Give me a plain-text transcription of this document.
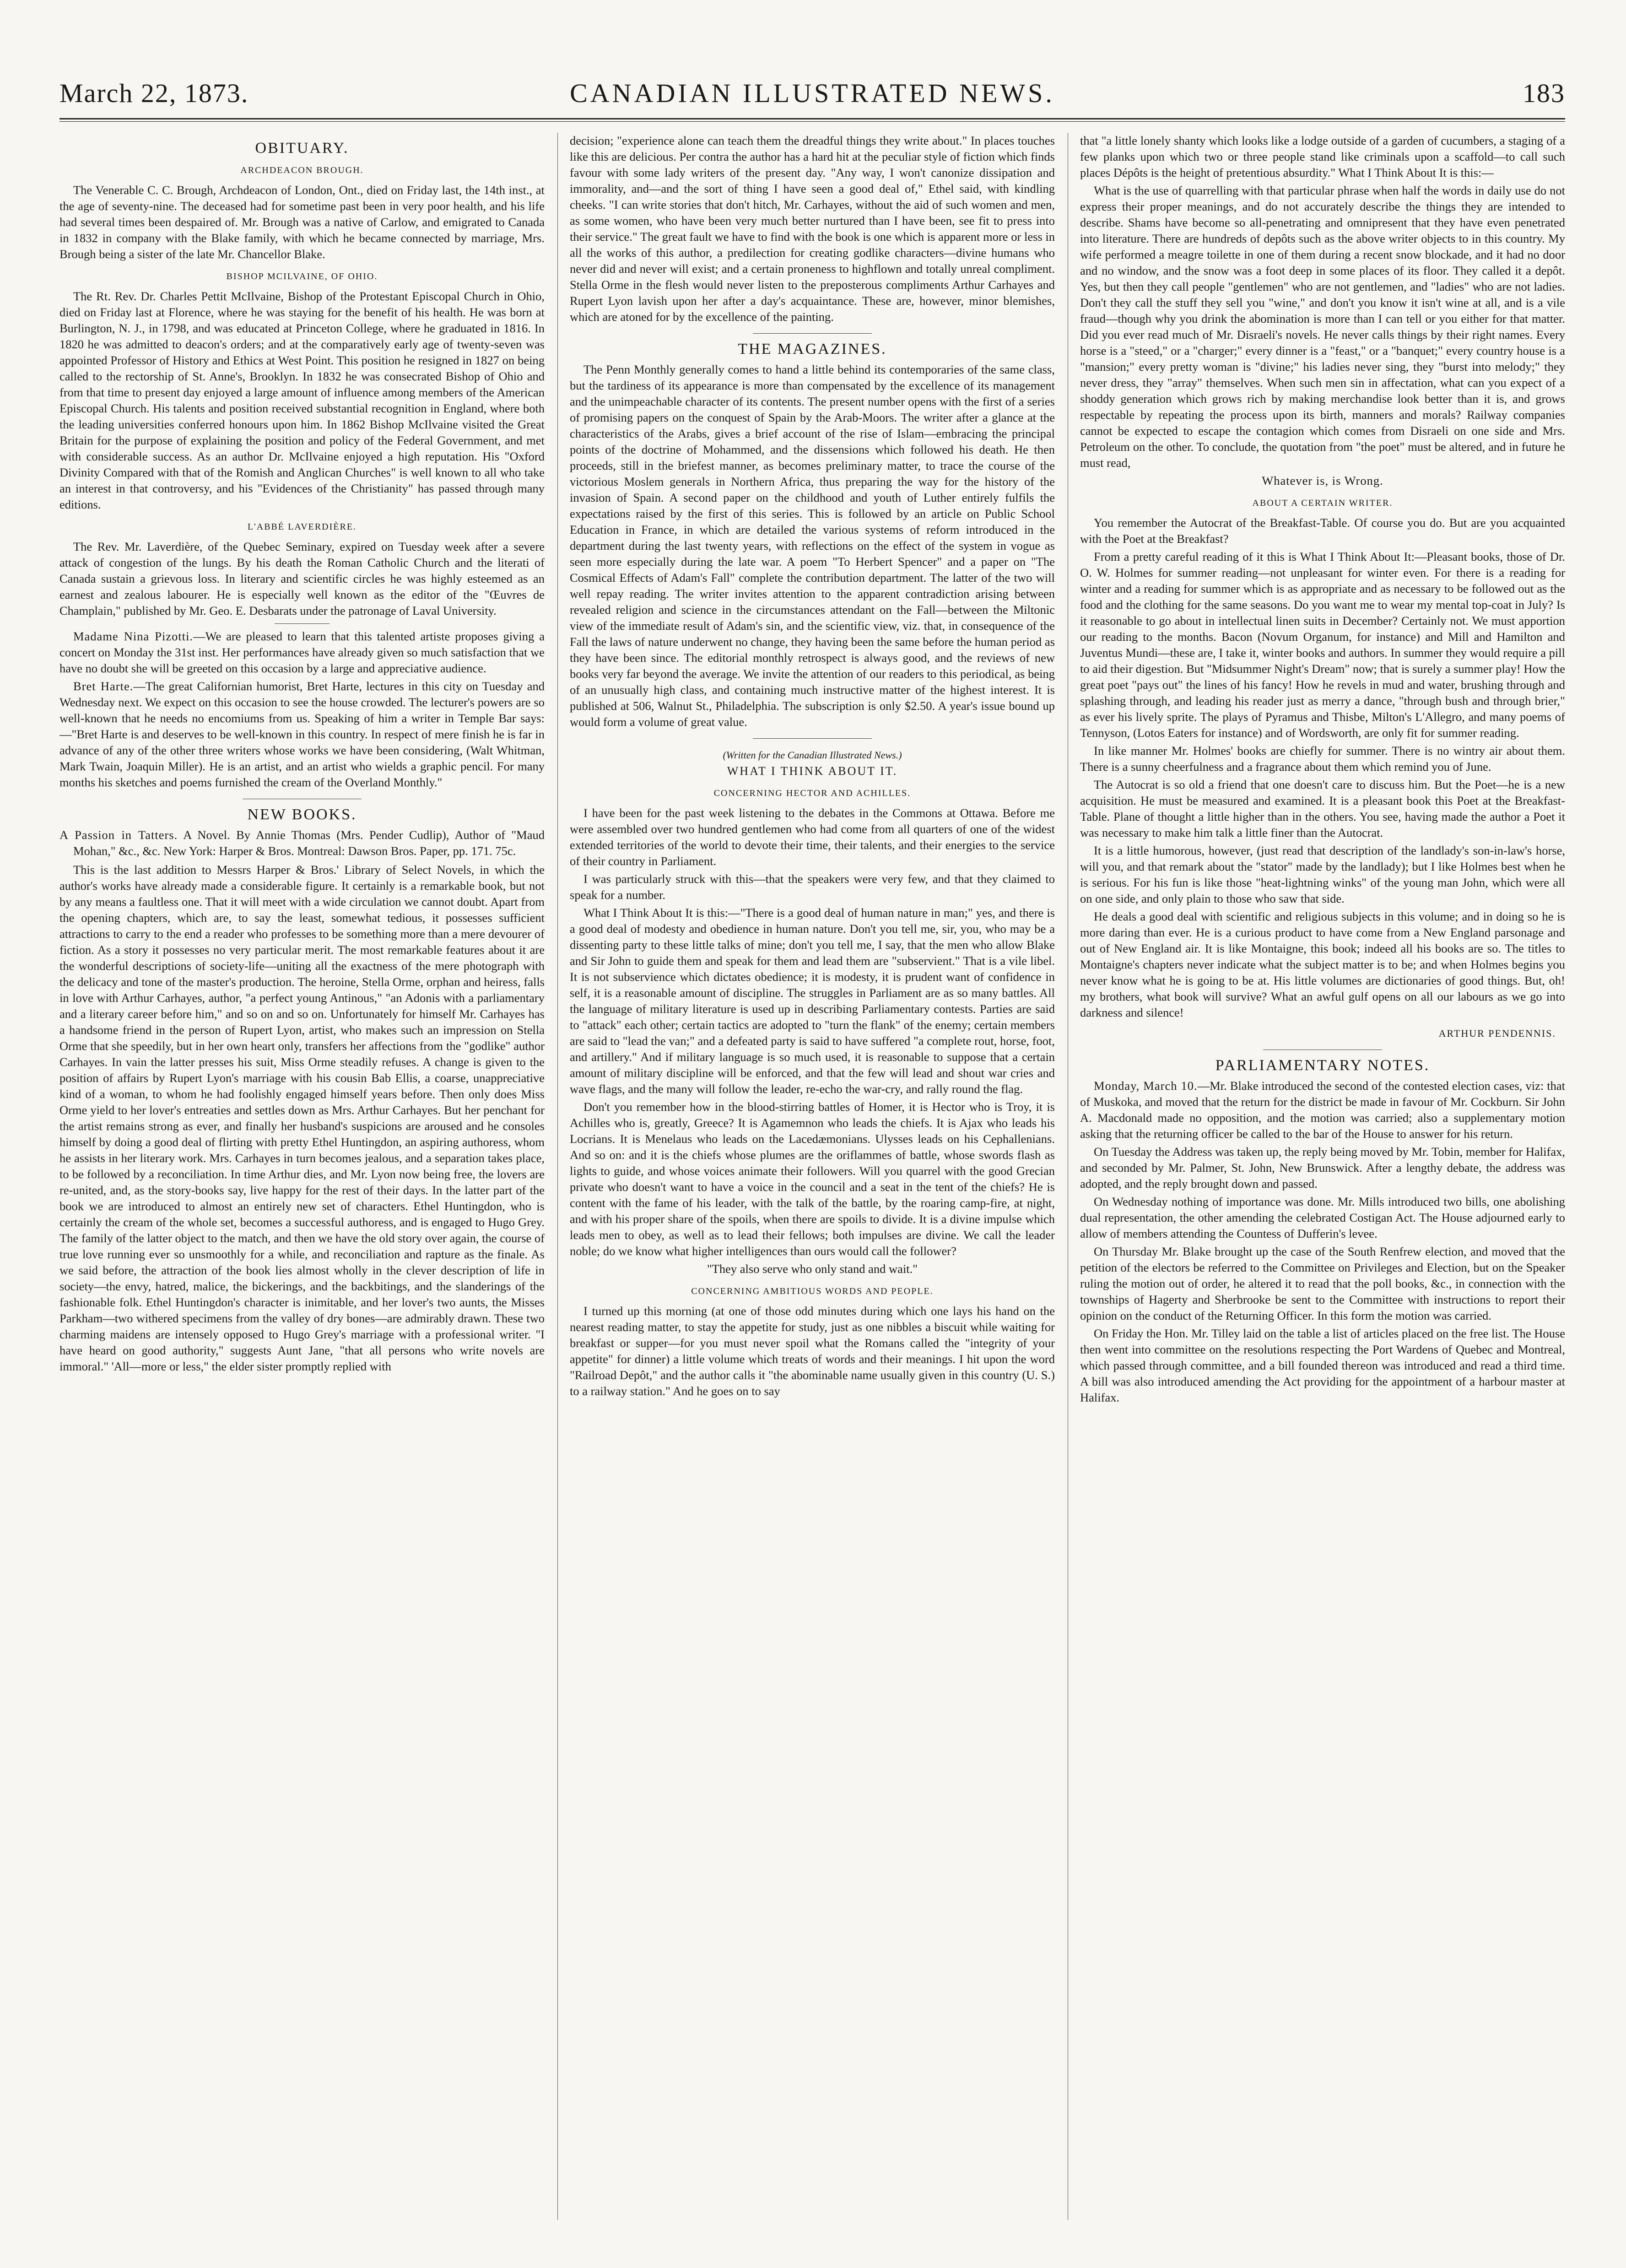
March 22, 1873.	CANADIAN ILLUSTRATED NEWS.	183
OBITUARY.
ARCHDEACON BROUGH.

The Venerable C. C. Brough, Archdeacon of London, Ont., died on Friday last, the 14th inst., at the age of seventy-nine. The deceased had for sometime past been in very poor health, and his life had several times been despaired of. Mr. Brough was a native of Carlow, and emigrated to Canada in 1832 in company with the Blake family, with which he became connected by marriage, Mrs. Brough being a sister of the late Mr. Chancellor Blake.

BISHOP MCILVAINE, OF OHIO.

The Rt. Rev. Dr. Charles Pettit McIlvaine, Bishop of the Protestant Episcopal Church in Ohio, died on Friday last at Florence, where he was staying for the benefit of his health. He was born at Burlington, N. J., in 1798, and was educated at Princeton College, where he graduated in 1816. In 1820 he was admitted to deacon's orders; and at the comparatively early age of twenty-seven was appointed Professor of History and Ethics at West Point. This position he resigned in 1827 on being called to the rectorship of St. Anne's, Brooklyn. In 1832 he was consecrated Bishop of Ohio and from that time to present day enjoyed a large amount of influence among members of the American Episcopal Church. His talents and position received substantial recognition in England, where both the leading universities conferred honours upon him. In 1862 Bishop McIlvaine visited the Great Britain for the purpose of explaining the position and policy of the Federal Government, and met with considerable success. As an author Dr. McIlvaine enjoyed a high reputation. His "Oxford Divinity Compared with that of the Romish and Anglican Churches" is well known to all who take an interest in that controversy, and his "Evidences of the Christianity" has passed through many editions.

L'ABBÉ LAVERDIÈRE.

The Rev. Mr. Laverdière, of the Quebec Seminary, expired on Tuesday week after a severe attack of congestion of the lungs. By his death the Roman Catholic Church and the literati of Canada sustain a grievous loss. In literary and scientific circles he was highly esteemed as an earnest and zealous labourer. He is especially well known as the editor of the "Œuvres de Champlain," published by Mr. Geo. E. Desbarats under the patronage of Laval University.

Madame Nina Pizotti.—We are pleased to learn that this talented artiste proposes giving a concert on Monday the 31st inst. Her performances have already given so much satisfaction that we have no doubt she will be greeted on this occasion by a large and appreciative audience.

Bret Harte.—The great Californian humorist, Bret Harte, lectures in this city on Tuesday and Wednesday next. We expect on this occasion to see the house crowded. The lecturer's powers are so well-known that he needs no encomiums from us. Speaking of him a writer in Temple Bar says:—"Bret Harte is and deserves to be well-known in this country. In respect of mere finish he is far in advance of any of the other three writers whose works we have been considering, (Walt Whitman, Mark Twain, Joaquin Miller). He is an artist, and an artist who wields a graphic pencil. For many months his sketches and poems furnished the cream of the Overland Monthly."

NEW BOOKS.

A Passion in Tatters. A Novel. By Annie Thomas (Mrs. Pender Cudlip), Author of "Maud Mohan," &c., &c. New York: Harper & Bros. Montreal: Dawson Bros. Paper, pp. 171. 75c.

This is the last addition to Messrs Harper & Bros.' Library of Select Novels, in which the author's works have already made a considerable figure. It certainly is a remarkable book, but not by any means a faultless one. That it will meet with a wide circulation we cannot doubt. Apart from the opening chapters, which are, to say the least, somewhat tedious, it possesses sufficient attractions to carry to the end a reader who professes to be something more than a mere devourer of fiction. As a story it possesses no very particular merit. The most remarkable features about it are the wonderful descriptions of society-life—uniting all the exactness of the mere photograph with the delicacy and tone of the master's production. The heroine, Stella Orme, orphan and heiress, falls in love with Arthur Carhayes, author, "a perfect young Antinous," "an Adonis with a parliamentary and a literary career before him," and so on and so on. Unfortunately for himself Mr. Carhayes has a handsome friend in the person of Rupert Lyon, artist, who makes such an impression on Stella Orme that she speedily, but in her own heart only, transfers her affections from the "godlike" author Carhayes. In vain the latter presses his suit, Miss Orme steadily refuses. A change is given to the position of affairs by Rupert Lyon's marriage with his cousin Bab Ellis, a coarse, unappreciative kind of a woman, to whom he had foolishly engaged himself years before. Then only does Miss Orme yield to her lover's entreaties and settles down as Mrs. Arthur Carhayes. But her penchant for the artist remains strong as ever, and finally her husband's suspicions are aroused and he consoles himself by doing a good deal of flirting with pretty Ethel Huntingdon, an aspiring authoress, whom he assists in her literary work. Mrs. Carhayes in turn becomes jealous, and a separation takes place, to be followed by a reconciliation. In time Arthur dies, and Mr. Lyon now being free, the lovers are re-united, and, as the story-books say, live happy for the rest of their days. In the latter part of the book we are introduced to almost an entirely new set of characters. Ethel Huntingdon, who is certainly the cream of the whole set, becomes a successful authoress, and is engaged to Hugo Grey. The family of the latter object to the match, and then we have the old story over again, the course of true love running ever so unsmoothly for a while, and reconciliation and rapture as the finale. As we said before, the attraction of the book lies almost wholly in the clever description of life in society—the envy, hatred, malice, the bickerings, and the backbitings, and the slanderings of the fashionable folk. Ethel Huntingdon's character is inimitable, and her lover's two aunts, the Misses Parkham—two withered specimens from the valley of dry bones—are admirably drawn. These two charming maidens are intensely opposed to Hugo Grey's marriage with a professional writer. "I have heard on good authority," suggests Aunt Jane, "that all persons who write novels are immoral." 'All—more or less," the elder sister promptly replied with

decision; "experience alone can teach them the dreadful things they write about." In places touches like this are delicious. Per contra the author has a hard hit at the peculiar style of fiction which finds favour with some lady writers of the present day. "Any way, I won't canonize dissipation and immorality, and—and the sort of thing I have seen a good deal of," Ethel said, with kindling cheeks. "I can write stories that don't hitch, Mr. Carhayes, without the aid of such women and men, as some women, who have been very much better nurtured than I have been, see fit to press into their service." The great fault we have to find with the book is one which is apparent more or less in all the works of this author, a predilection for creating godlike characters—divine humans who never did and never will exist; and a certain proneness to highflown and totally unreal compliment. Stella Orme in the flesh would never listen to the preposterous compliments Arthur Carhayes and Rupert Lyon lavish upon her after a day's acquaintance. These are, however, minor blemishes, which are atoned for by the excellence of the painting.

THE MAGAZINES.

The Penn Monthly generally comes to hand a little behind its contemporaries of the same class, but the tardiness of its appearance is more than compensated by the excellence of its management and the unimpeachable character of its contents. The present number opens with the first of a series of promising papers on the conquest of Spain by the Arab-Moors. The writer after a glance at the characteristics of the Arabs, gives a brief account of the rise of Islam—embracing the principal points of the doctrine of Mohammed, and the dissensions which followed his death. He then proceeds, still in the briefest manner, as becomes preliminary matter, to trace the course of the victorious Moslem generals in Northern Africa, thus preparing the way for the history of the invasion of Spain. A second paper on the childhood and youth of Luther entirely fulfils the expectations raised by the first of this series. This is followed by an article on Public School Education in France, in which are detailed the various systems of reform introduced in the department during the last twenty years, with reflections on the effect of the system in vogue as seen more especially during the late war. A poem "To Herbert Spencer" and a paper on "The Cosmical Effects of Adam's Fall" complete the contribution department. The latter of the two will well repay reading. The writer invites attention to the apparent contradiction arising between revealed religion and science in the circumstances attendant on the Fall—between the Miltonic view of the immediate result of Adam's sin, and the scientific view, viz. that, in consequence of the Fall the laws of nature underwent no change, they having been the same before the human period as they have been since. The editorial monthly retrospect is always good, and the reviews of new books very far beyond the average. We invite the attention of our readers to this periodical, as being of an unusually high class, and containing much instructive matter of the highest interest. It is published at 506, Walnut St., Philadelphia. The subscription is only $2.50. A year's issue bound up would form a volume of great value.

(Written for the Canadian Illustrated News.)
WHAT I THINK ABOUT IT.
CONCERNING HECTOR AND ACHILLES.

I have been for the past week listening to the debates in the Commons at Ottawa. Before me were assembled over two hundred gentlemen who had come from all quarters of one of the widest extended territories of the world to devote their time, their talents, and their energies to the service of their country in Parliament.

I was particularly struck with this—that the speakers were very few, and that they claimed to speak for a number.

What I Think About It is this:—"There is a good deal of human nature in man;" yes, and there is a good deal of modesty and obedience in human nature. Don't you tell me, sir, you, who may be a dissenting party to these little talks of mine; don't you tell me, I say, that the men who allow Blake and Sir John to guide them and speak for them and lead them are "subservient." That is a vile libel. It is not subservience which dictates obedience; it is modesty, it is prudent want of confidence in self, it is a reasonable amount of discipline. The struggles in Parliament are as so many battles. All the language of military literature is used up in describing Parliamentary contests. Parties are said to "attack" each other; certain tactics are adopted to "turn the flank" of the enemy; certain members are said to "lead the van;" and a defeated party is said to have suffered "a complete rout, horse, foot, and artillery." And if military language is so much used, it is reasonable to suppose that a certain amount of military discipline will be enforced, and that the few will lead and shout war cries and wave flags, and the many will follow the leader, re-echo the war-cry, and rally round the flag.

Don't you remember how in the blood-stirring battles of Homer, it is Hector who is Troy, it is Achilles who is, greatly, Greece? It is Agamemnon who leads the chiefs. It is Ajax who leads his Locrians. It is Menelaus who leads on the Lacedæmonians. Ulysses leads on his Cephallenians. And so on: and it is the chiefs whose plumes are the oriflammes of battle, whose swords flash as lights to guide, and whose voices animate their followers. Will you quarrel with the good Grecian private who doesn't want to have a voice in the council and a seat in the tent of the chiefs? He is content with the fame of his leader, with the talk of the battle, by the roaring camp-fire, at night, and with his proper share of the spoils, when there are spoils to divide. It is a divine impulse which leads men to obey, as well as to lead their fellows; both impulses are divine. We call the leader noble; do we know what higher intelligences than ours would call the follower?

"They also serve who only stand and wait."

CONCERNING AMBITIOUS WORDS AND PEOPLE.

I turned up this morning (at one of those odd minutes during which one lays his hand on the nearest reading matter, to stay the appetite for study, just as one nibbles a biscuit while waiting for breakfast or supper—for you must never spoil what the Romans called the "integrity of your appetite" for dinner) a little volume which treats of words and their meanings. I hit upon the word "Railroad Depôt," and the author calls it "the abominable name usually given in this country (U. S.) to a railway station." And he goes on to say

that "a little lonely shanty which looks like a lodge outside of a garden of cucumbers, a staging of a few planks upon which two or three people stand like criminals upon a scaffold—to call such places Dépôts is the height of pretentious absurdity." What I Think About It is this:—

What is the use of quarrelling with that particular phrase when half the words in daily use do not express their proper meanings, and do not accurately describe the things they are intended to describe. Shams have become so all-penetrating and omnipresent that they have even penetrated into literature. There are hundreds of depôts such as the above writer objects to in this country. My wife performed a meagre toilette in one of them during a recent snow blockade, and it had no door and no window, and the snow was a foot deep in some places of its floor. They called it a depôt. Yes, but then they call people "gentlemen" who are not gentlemen, and "ladies" who are not ladies. Don't they call the stuff they sell you "wine," and don't you know it isn't wine at all, and is a vile fraud—though why you drink the abomination is more than I can tell or you either for that matter. Did you ever read much of Mr. Disraeli's novels. He never calls things by their right names. Every horse is a "steed," or a "charger;" every dinner is a "feast," or a "banquet;" every country house is a "mansion;" every pretty woman is "divine;" his ladies never sing, they "burst into melody;" they never dress, they "array" themselves. When such men sin in affectation, what can you expect of a shoddy generation which grows rich by making merchandise look better than it is, and grows respectable by repeating the process upon its birth, manners and morals? Railway companies cannot be expected to escape the contagion which comes from Disraeli on one side and Mrs. Petroleum on the other. To conclude, the quotation from "the poet" must be altered, and in future he must read,

Whatever is, is Wrong.

ABOUT A CERTAIN WRITER.

You remember the Autocrat of the Breakfast-Table. Of course you do. But are you acquainted with the Poet at the Breakfast?

From a pretty careful reading of it this is What I Think About It:—Pleasant books, those of Dr. O. W. Holmes for summer reading—not unpleasant for winter even. For there is a reading for winter and a reading for summer which is as appropriate and as necessary to be followed out as the food and the clothing for the same seasons. Do you want me to wear my mental top-coat in July? Is it reasonable to go about in intellectual linen suits in December? Certainly not. We must apportion our reading to the months. Bacon (Novum Organum, for instance) and Mill and Hamilton and Juventus Mundi—these are, I take it, winter books and authors. In summer they would require a pill to aid their digestion. But "Midsummer Night's Dream" now; that is surely a summer play! How the great poet "pays out" the lines of his fancy! How he revels in mud and water, brushing through and splashing through, and leading his reader just as merry a dance, "through bush and through brier," as ever his lively sprite. The plays of Pyramus and Thisbe, Milton's L'Allegro, and many poems of Tennyson, (Lotos Eaters for instance) and of Wordsworth, are only fit for summer reading.

In like manner Mr. Holmes' books are chiefly for summer. There is no wintry air about them. There is a sunny cheerfulness and a fragrance about them which remind you of June.

The Autocrat is so old a friend that one doesn't care to discuss him. But the Poet—he is a new acquisition. He must be measured and examined. It is a pleasant book this Poet at the Breakfast-Table. Plane of thought a little higher than in the others. You see, having made the author a Poet it was necessary to make him talk a little finer than the Autocrat.

It is a little humorous, however, (just read that description of the landlady's son-in-law's horse, will you, and that remark about the "stator" made by the landlady); but I like Holmes best when he is serious. For his fun is like those "heat-lightning winks" of the young man John, which were all on one side, and only plain to those who saw that side.

He deals a good deal with scientific and religious subjects in this volume; and in doing so he is more daring than ever. He is a curious product to have come from a New England parsonage and out of New England air. It is like Montaigne, this book; indeed all his books are so. The titles to Montaigne's chapters never indicate what the subject matter is to be; and when Holmes begins you never know what he is going to be at. His little volumes are dictionaries of good things. But, oh! my brothers, what book will survive? What an awful gulf opens on all our labours as we go into darkness and silence!

ARTHUR PENDENNIS.
PARLIAMENTARY NOTES.

Monday, March 10.—Mr. Blake introduced the second of the contested election cases, viz: that of Muskoka, and moved that the return for the district be made in favour of Mr. Cockburn. Sir John A. Macdonald made no opposition, and the motion was carried; also a supplementary motion asking that the returning officer be called to the bar of the House to answer for his return.

On Tuesday the Address was taken up, the reply being moved by Mr. Tobin, member for Halifax, and seconded by Mr. Palmer, St. John, New Brunswick. After a lengthy debate, the address was adopted, and the reply brought down and passed.

On Wednesday nothing of importance was done. Mr. Mills introduced two bills, one abolishing dual representation, the other amending the celebrated Costigan Act. The House adjourned early to allow of members attending the Countess of Dufferin's levee.

On Thursday Mr. Blake brought up the case of the South Renfrew election, and moved that the petition of the electors be referred to the Committee on Privileges and Election, but on the Speaker ruling the motion out of order, he altered it to read that the poll books, &c., in connection with the townships of Hagerty and Sherbrooke be sent to the Committee with instructions to report their opinion on the conduct of the Returning Officer. In this form the motion was carried.

On Friday the Hon. Mr. Tilley laid on the table a list of articles placed on the free list. The House then went into committee on the resolutions respecting the Port Wardens of Quebec and Montreal, which passed through committee, and a bill founded thereon was introduced and read a third time. A bill was also introduced amending the Act providing for the appointment of a harbour master at Halifax.
